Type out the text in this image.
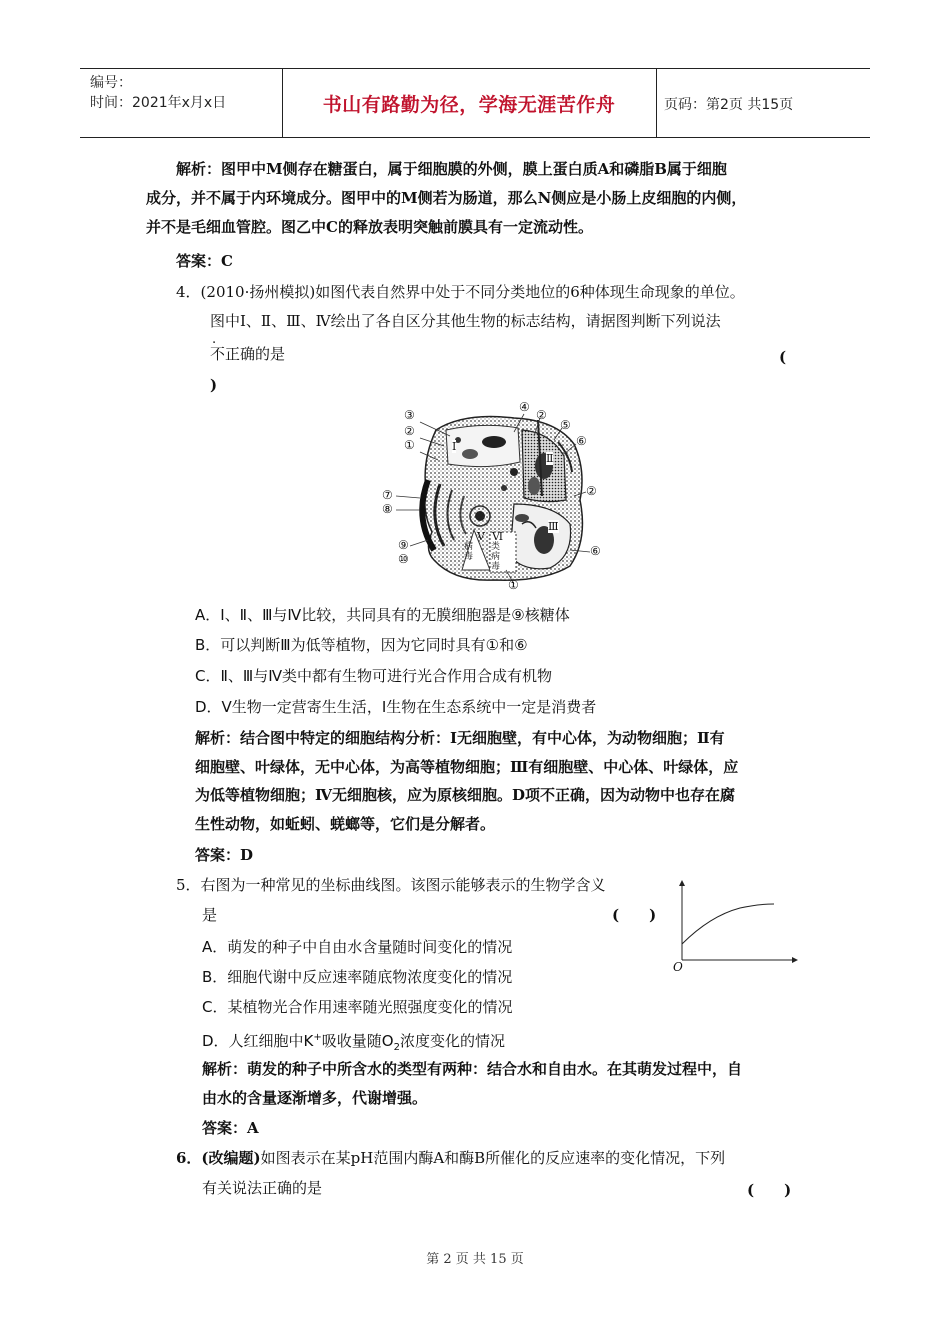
编号：
时间：2021年x月x日	书山有路勤为径，学海无涯苦作舟	页码：第2页 共15页
解析：图甲中M侧存在糖蛋白，属于细胞膜的外侧，膜上蛋白质A和磷脂B属于细胞
成分，并不属于内环境成分。图甲中的M侧若为肠道，那么N侧应是小肠上皮细胞的内侧，
并不是毛细血管腔。图乙中C的释放表明突触前膜具有一定流动性。
答案：C
4．(2010·扬州模拟)如图代表自然界中处于不同分类地位的6种体现生命现象的单位。
图中Ⅰ、Ⅱ、Ⅲ、Ⅳ绘出了各自区分其他生物的标志结构，请据图判断下列说法
.
不正确的是	(
)
③
②
①
④
②
⑤
⑥
②
⑥
⑦
⑧
⑨
⑩
①
Ⅰ
Ⅱ
Ⅲ
Ⅴ Ⅵ
病毒
类病毒
A．Ⅰ、Ⅱ、Ⅲ与Ⅳ比较，共同具有的无膜细胞器是⑨核糖体
B．可以判断Ⅲ为低等植物，因为它同时具有①和⑥
C．Ⅱ、Ⅲ与Ⅳ类中都有生物可进行光合作用合成有机物
D．Ⅴ生物一定营寄生生活，Ⅰ生物在生态系统中一定是消费者
解析：结合图中特定的细胞结构分析：Ⅰ无细胞壁，有中心体，为动物细胞；Ⅱ有
细胞壁、叶绿体，无中心体，为高等植物细胞；Ⅲ有细胞壁、中心体、叶绿体，应
为低等植物细胞；Ⅳ无细胞核，应为原核细胞。D项不正确，因为动物中也存在腐
生性动物，如蚯蚓、蜣螂等，它们是分解者。
答案：D
5．右图为一种常见的坐标曲线图。该图示能够表示的生物学含义
是	(　　)
O
A．萌发的种子中自由水含量随时间变化的情况
B．细胞代谢中反应速率随底物浓度变化的情况
C．某植物光合作用速率随光照强度变化的情况
D．人红细胞中K+吸收量随$O_2$浓度变化的情况
解析：萌发的种子中所含水的类型有两种：结合水和自由水。在其萌发过程中，自
由水的含量逐渐增多，代谢增强。
答案：A
6．(改编题)如图表示在某pH范围内酶A和酶B所催化的反应速率的变化情况，下列
有关说法正确的是	(　　)
第 2 页 共 15 页
